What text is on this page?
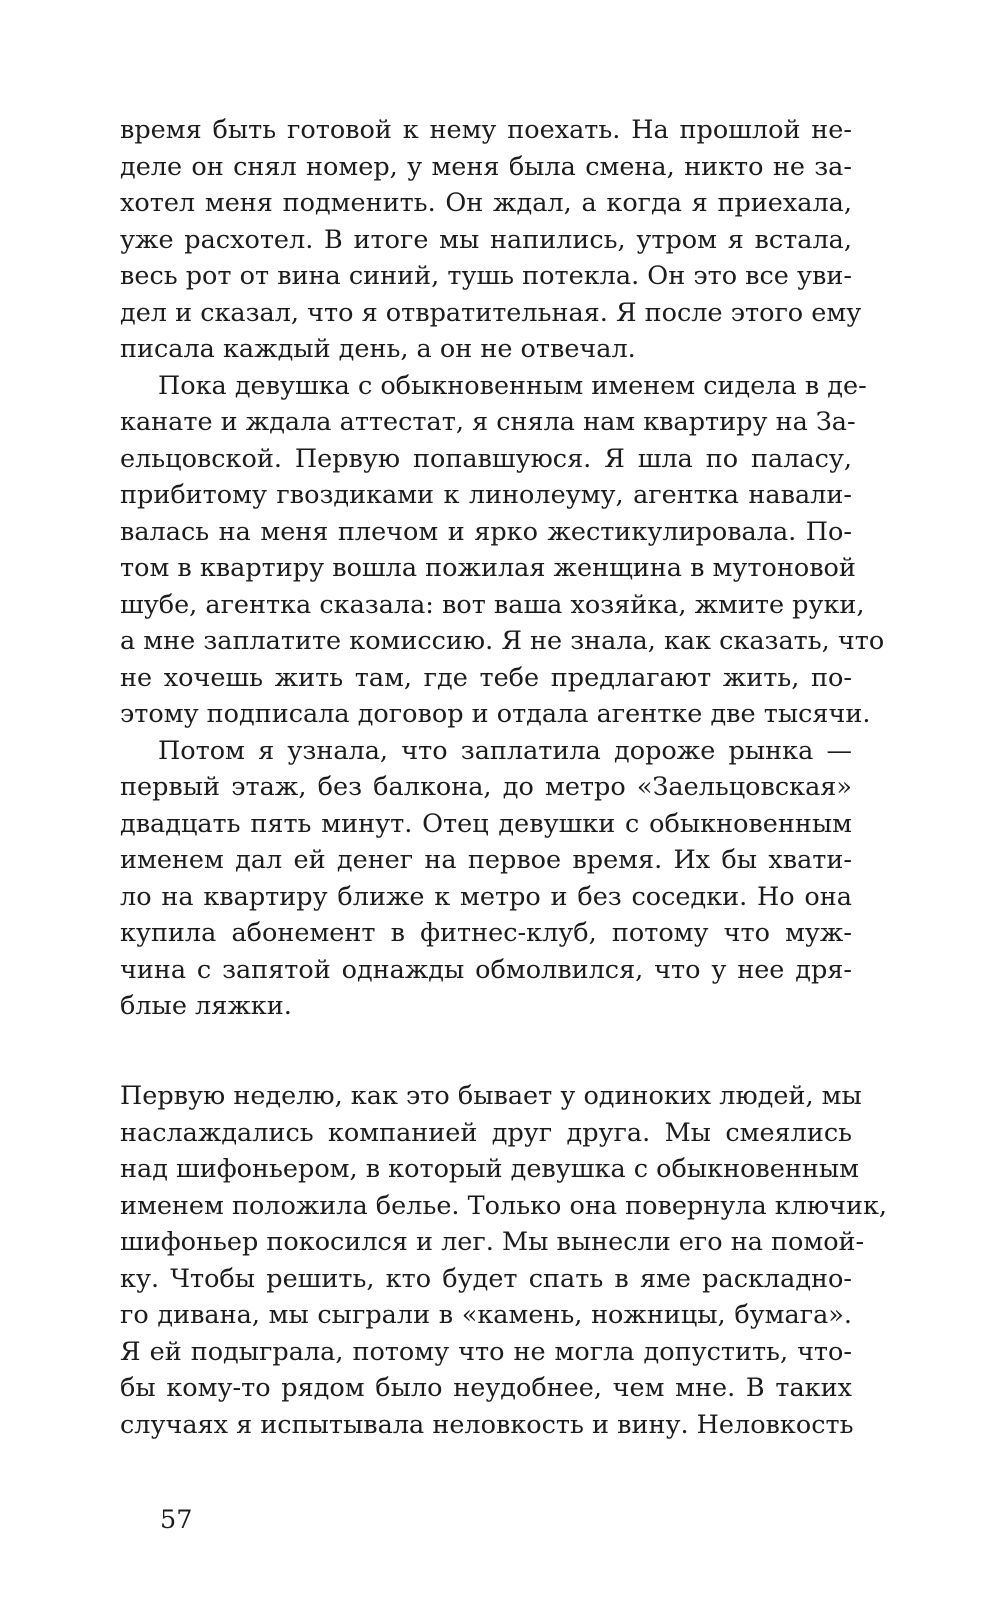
время быть готовой к нему поехать. На прошлой не-
деле он снял номер, у меня была смена, никто не за-
хотел меня подменить. Он ждал, а когда я приехала,
уже расхотел. В итоге мы напились, утром я встала,
весь рот от вина синий, тушь потекла. Он это все уви-
дел и сказал, что я отвратительная. Я после этого ему
писала каждый день, а он не отвечал.
Пока девушка с обыкновенным именем сидела в де-
канате и ждала аттестат, я сняла нам квартиру на За-
ельцовской. Первую попавшуюся. Я шла по паласу,
прибитому гвоздиками к линолеуму, агентка навали-
валась на меня плечом и ярко жестикулировала. По-
том в квартиру вошла пожилая женщина в мутоновой
шубе, агентка сказала: вот ваша хозяйка, жмите руки,
а мне заплатите комиссию. Я не знала, как сказать, что
не хочешь жить там, где тебе предлагают жить, по-
этому подписала договор и отдала агентке две тысячи.
Потом я узнала, что заплатила дороже рынка —
первый этаж, без балкона, до метро «Заельцовская»
двадцать пять минут. Отец девушки с обыкновенным
именем дал ей денег на первое время. Их бы хвати-
ло на квартиру ближе к метро и без соседки. Но она
купила абонемент в фитнес-клуб, потому что муж-
чина с запятой однажды обмолвился, что у нее дря-
блые ляжки.
Первую неделю, как это бывает у одиноких людей, мы
наслаждались компанией друг друга. Мы смеялись
над шифоньером, в который девушка с обыкновенным
именем положила белье. Только она повернула ключик,
шифоньер покосился и лег. Мы вынесли его на помой-
ку. Чтобы решить, кто будет спать в яме раскладно-
го дивана, мы сыграли в «камень, ножницы, бумага».
Я ей подыграла, потому что не могла допустить, что-
бы кому-то рядом было неудобнее, чем мне. В таких
случаях я испытывала неловкость и вину. Неловкость
57
